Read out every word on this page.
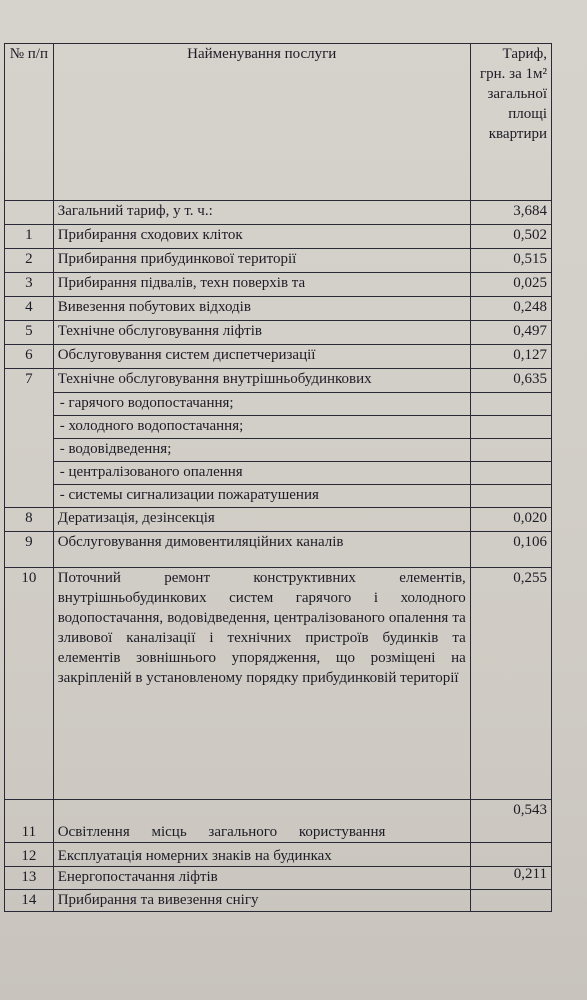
№ п/п	Найменування послуги	Тариф, грн. за 1м² загальної площі квартири
	Загальний тариф, у т. ч.:	3,684
1	Прибирання сходових кліток	0,502
2	Прибирання прибудинкової території	0,515
3	Прибирання підвалів, техн поверхів та	0,025
4	Вивезення побутових відходів	0,248
5	Технічне обслуговування ліфтів	0,497
6	Обслуговування систем диспетчеризації	0,127
7	Технічне обслуговування внутрішньобудинкових	0,635
	- гарячого водопостачання;	
	- холодного водопостачання;	
	- водовідведення;	
	- централізованого опалення	
	- системы сигнализации пожаратушения	
8	Дератизація, дезінсекція	0,020
9	Обслуговування димовентиляційних каналів	0,106
10	Поточний ремонт конструктивних елементів, внутрішньобудинкових систем гарячого і холодного водопостачання, водовідведення, централізованого опалення та зливової каналізації і технічних пристроїв будинків та елементів зовнішнього упорядження, що розміщені на закріпленій в установленому порядку прибудинковій території	0,255
11	Освітлення місць загального користування	0,543
12	Експлуатація номерних знаків на будинках	
13	Енергопостачання ліфтів	0,211
14	Прибирання та вивезення снігу	
